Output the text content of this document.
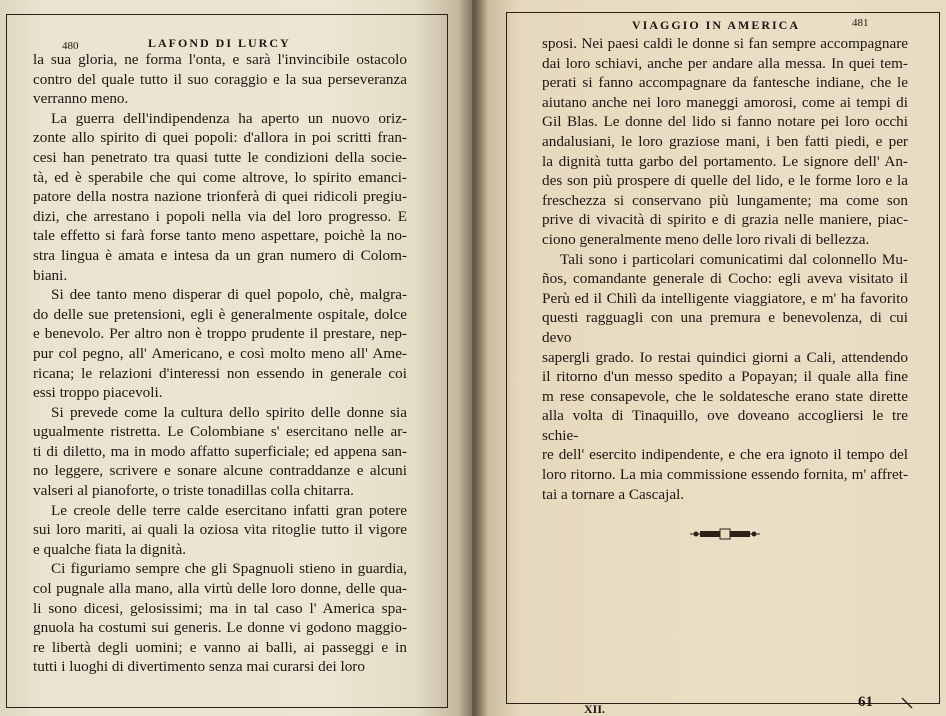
480	LAFOND DI LURCY

la sua gloria, ne forma l'onta, e sarà l'invincibile ostacolo
contro del quale tutto il suo coraggio e la sua perseveranza
verranno meno.

La guerra dell'indipendenza ha aperto un nuovo oriz-
zonte allo spirito di quei popoli: d'allora in poi scritti fran-
cesi han penetrato tra quasi tutte le condizioni della socie-
tà, ed è sperabile che qui come altrove, lo spirito emanci-
patore della nostra nazione trionferà di quei ridicoli pregiu-
dizi, che arrestano i popoli nella via del loro progresso. E
tale effetto si farà forse tanto meno aspettare, poichè la no-
stra lingua è amata e intesa da un gran numero di Colom-
biani.

Si dee tanto meno disperar di quel popolo, chè, malgra-
do delle sue pretensioni, egli è generalmente ospitale, dolce
e benevolo. Per altro non è troppo prudente il prestare, nep-
pur col pegno, all' Americano, e così molto meno all' Ame-
ricana; le relazioni d'interessi non essendo in generale coi
essi troppo piacevoli.

Si prevede come la cultura dello spirito delle donne sia
ugualmente ristretta. Le Colombiane s' esercitano nelle ar-
ti di diletto, ma in modo affatto superficiale; ed appena san-
no leggere, scrivere e sonare alcune contraddanze e alcuni
valseri al pianoforte, o triste tonadillas colla chitarra.

Le creole delle terre calde esercitano infatti gran potere
sui loro mariti, ai quali la oziosa vita ritoglie tutto il vigore
e qualche fiata la dignità.

Ci figuriamo sempre che gli Spagnuoli stieno in guardia,
col pugnale alla mano, alla virtù delle loro donne, delle qua-
li sono dicesi, gelosissimi; ma in tal caso l' America spa-
gnuola ha costumi sui generis. Le donne vi godono maggio-
re libertà degli uomini; e vanno ai balli, ai passeggi e in
tutti i luoghi di divertimento senza mai curarsi dei loro

VIAGGIO IN AMERICA	481

sposi. Nei paesi caldi le donne si fan sempre accompagnare
dai loro schiavi, anche per andare alla messa. In quei tem-
perati si fanno accompagnare da fantesche indiane, che le
aiutano anche nei loro maneggi amorosi, come ai tempi di
Gil Blas. Le donne del lido si fanno notare pei loro occhi
andalusiani, le loro graziose mani, i ben fatti piedi, e per
la dignità tutta garbo del portamento. Le signore dell' An-
des son più prospere di quelle del lido, e le forme loro e la
freschezza si conservano più lungamente; ma come son
prive di vivacità di spirito e di grazia nelle maniere, piac-
ciono generalmente meno delle loro rivali di bellezza.

Tali sono i particolari comunicatimi dal colonnello Mu-
ños, comandante generale di Cocho: egli aveva visitato il
Perù ed il Chilì da intelligente viaggiatore, e m' ha favorito
questi ragguagli con una premura e benevolenza, di cui devo
sapergli grado. Io restai quindici giorni a Cali, attendendo
il ritorno d'un messo spedito a Popayan; il quale alla fine
m rese consapevole, che le soldatesche erano state dirette
alla volta di Tinaquillo, ove doveano accogliersi le tre schie-
re dell' esercito indipendente, e che era ignoto il tempo del
loro ritorno. La mia commissione essendo fornita, m' affret-
tai a tornare a Cascajal.

XII.	61
